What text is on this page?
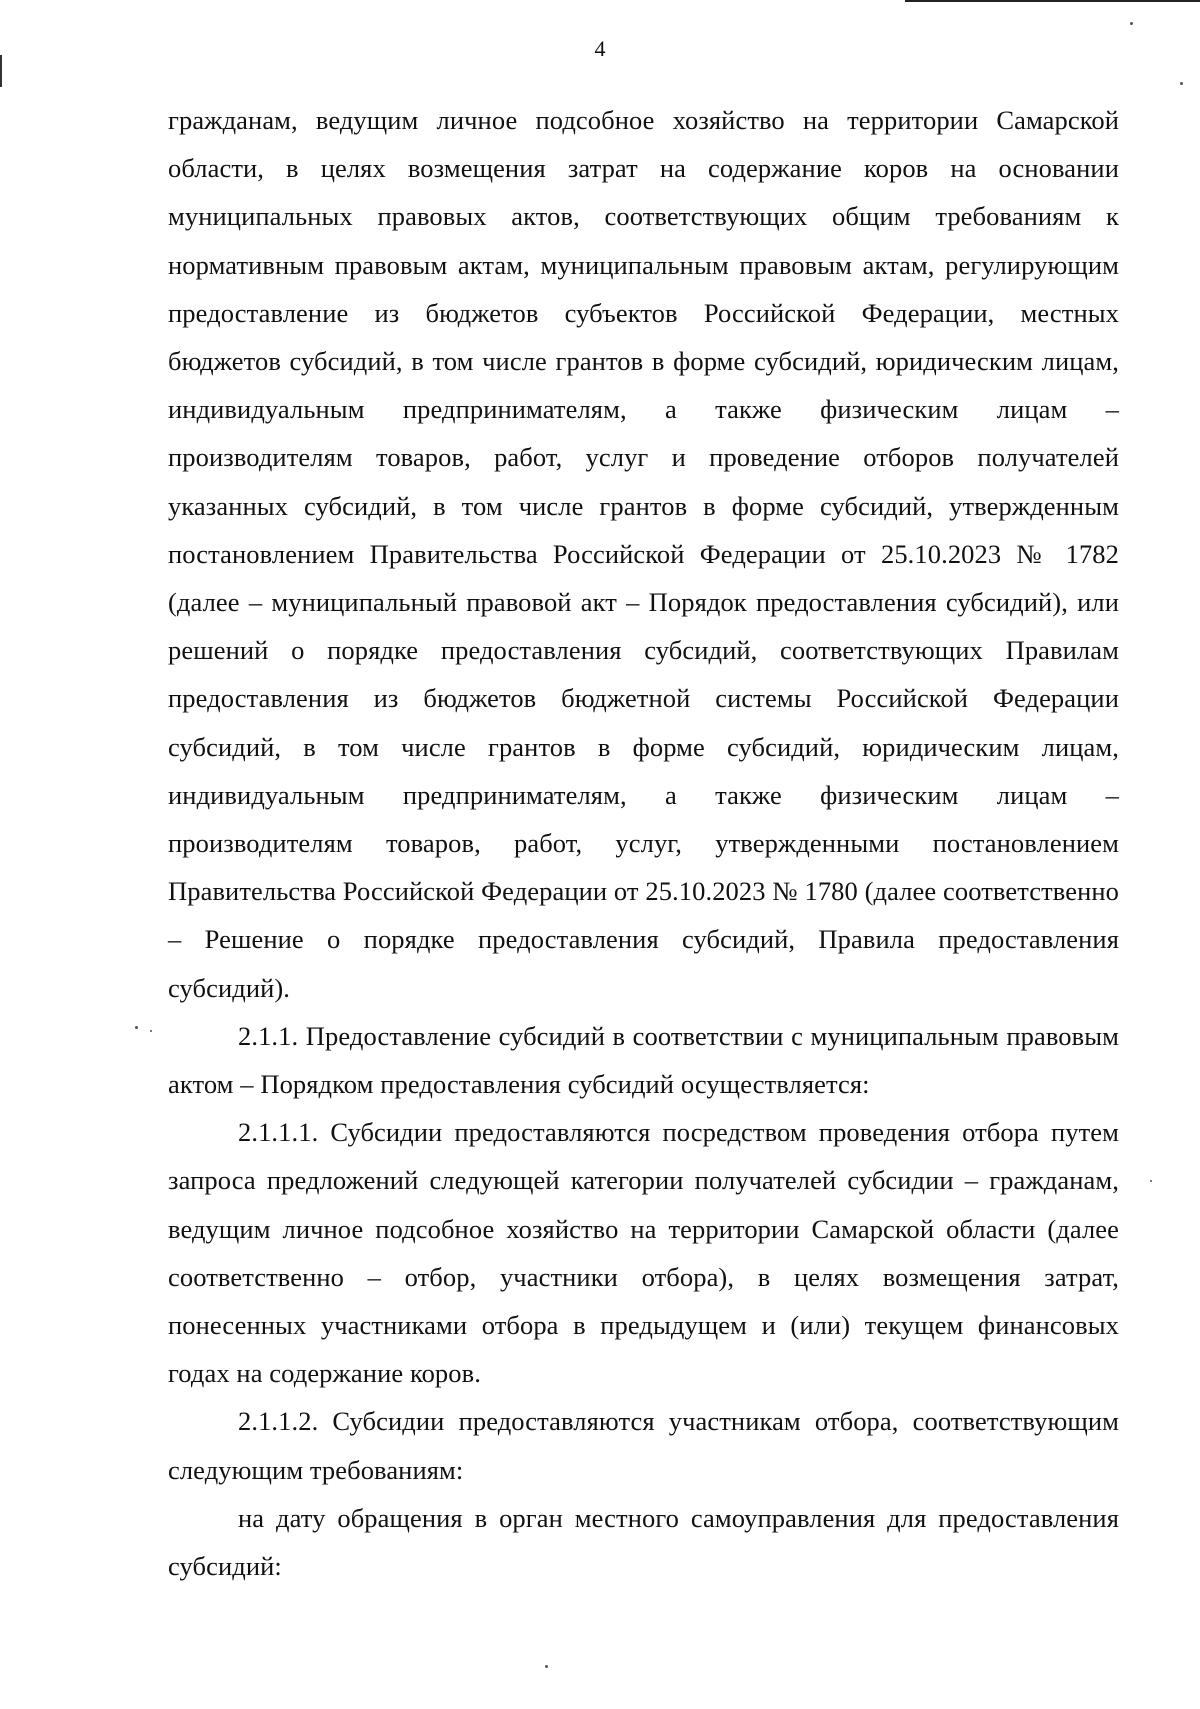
4

гражданам, ведущим личное подсобное хозяйство на территории Самарской области, в целях возмещения затрат на содержание коров на основании муниципальных правовых актов, соответствующих общим требованиям к нормативным правовым актам, муниципальным правовым актам, регулирующим предоставление из бюджетов субъектов Российской Федерации, местных бюджетов субсидий, в том числе грантов в форме субсидий, юридическим лицам, индивидуальным предпринимателям, а также физическим лицам – производителям товаров, работ, услуг и проведение отборов получателей указанных субсидий, в том числе грантов в форме субсидий, утвержденным постановлением Правительства Российской Федерации от 25.10.2023 № 1782 (далее – муниципальный правовой акт – Порядок предоставления субсидий), или решений о порядке предоставления субсидий, соответствующих Правилам предоставления из бюджетов бюджетной системы Российской Федерации субсидий, в том числе грантов в форме субсидий, юридическим лицам, индивидуальным предпринимателям, а также физическим лицам – производителям товаров, работ, услуг, утвержденными постановлением Правительства Российской Федерации от 25.10.2023 № 1780 (далее соответственно – Решение о порядке предоставления субсидий, Правила предоставления субсидий).

2.1.1. Предоставление субсидий в соответствии с муниципальным правовым актом – Порядком предоставления субсидий осуществляется:

2.1.1.1. Субсидии предоставляются посредством проведения отбора путем запроса предложений следующей категории получателей субсидии – гражданам, ведущим личное подсобное хозяйство на территории Самарской области (далее соответственно – отбор, участники отбора), в целях возмещения затрат, понесенных участниками отбора в предыдущем и (или) текущем финансовых годах на содержание коров.

2.1.1.2. Субсидии предоставляются участникам отбора, соответствующим следующим требованиям:

на дату обращения в орган местного самоуправления для предоставления субсидий:
